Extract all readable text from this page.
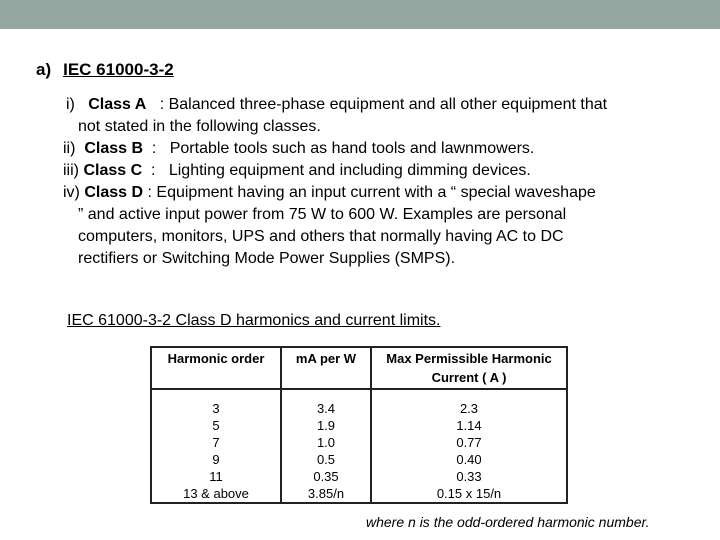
a) IEC 61000-3-2
i) Class A : Balanced three-phase equipment and all other equipment that
not stated in the following classes.
ii) Class B : Portable tools such as hand tools and lawnmowers.
iii) Class C : Lighting equipment and including dimming devices.
iv) Class D : Equipment having an input current with a “ special waveshape
” and active input power from 75 W to 600 W. Examples are personal
computers, monitors, UPS and others that normally having AC to DC
rectifiers or Switching Mode Power Supplies (SMPS).
IEC 61000-3-2 Class D harmonics and current limits.
Harmonic order	mA per W	Max Permissible Harmonic Current ( A )
3	3.4	2.3
5	1.9	1.14
7	1.0	0.77
9	0.5	0.40
11	0.35	0.33
13 & above	3.85/n	0.15 x 15/n
where n is the odd-ordered harmonic number.
